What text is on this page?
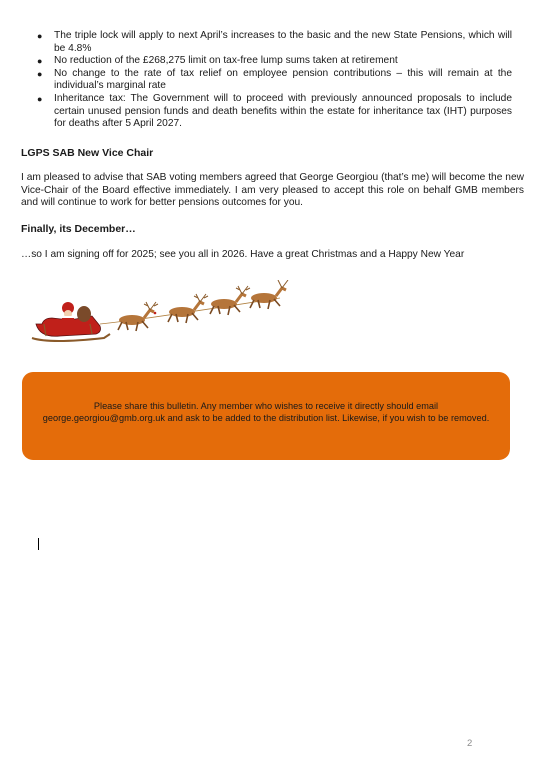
● The triple lock will apply to next April’s increases to the basic and the new State Pensions, which will be 4.8%
● No reduction of the £268,275 limit on tax-free lump sums taken at retirement
● No change to the rate of tax relief on employee pension contributions – this will remain at the individual’s marginal rate
● Inheritance tax: The Government will to proceed with previously announced proposals to include certain unused pension funds and death benefits within the estate for inheritance tax (IHT) purposes for deaths after 5 April 2027.
LGPS SAB New Vice Chair
I am pleased to advise that SAB voting members agreed that George Georgiou (that’s me) will become the new Vice-Chair of the Board effective immediately. I am very pleased to accept this role on behalf GMB members and will continue to work for better pensions outcomes for you.
Finally, its December…
…so I am signing off for 2025; see you all in 2026. Have a great Christmas and a Happy New Year
Please share this bulletin. Any member who wishes to receive it directly should email george.georgiou@gmb.org.uk and ask to be added to the distribution list. Likewise, if you wish to be removed.
2
